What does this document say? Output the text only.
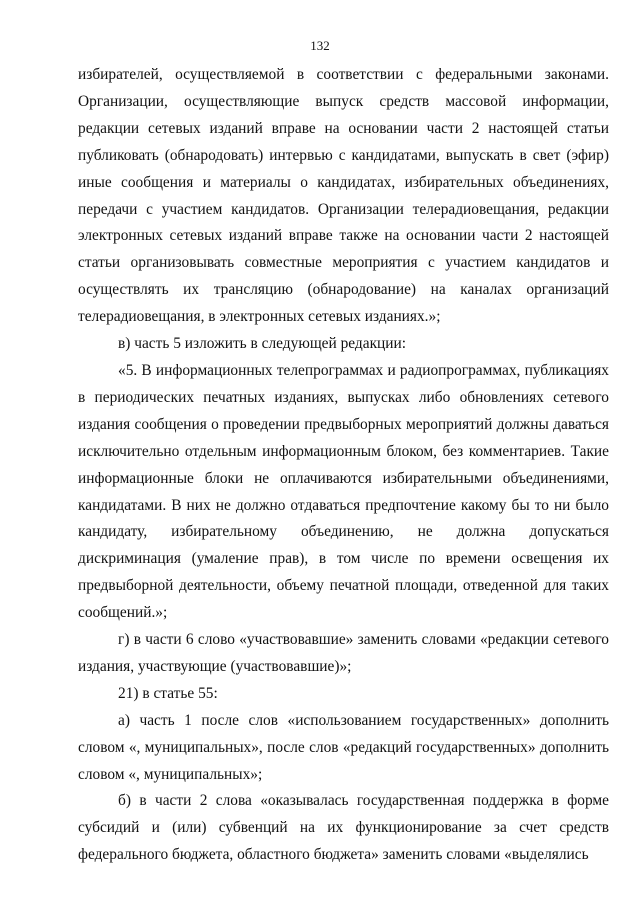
132

избирателей, осуществляемой в соответствии с федеральными законами. Организации, осуществляющие выпуск средств массовой информации, редакции сетевых изданий вправе на основании части 2 настоящей статьи публиковать (обнародовать) интервью с кандидатами, выпускать в свет (эфир) иные сообщения и материалы о кандидатах, избирательных объединениях, передачи с участием кандидатов. Организации телерадиовещания, редакции электронных сетевых изданий вправе также на основании части 2 настоящей статьи организовывать совместные мероприятия с участием кандидатов и осуществлять их трансляцию (обнародование) на каналах организаций телерадиовещания, в электронных сетевых изданиях.»;

в) часть 5 изложить в следующей редакции:

«5. В информационных телепрограммах и радиопрограммах, публикациях в периодических печатных изданиях, выпусках либо обновлениях сетевого издания сообщения о проведении предвыборных мероприятий должны даваться исключительно отдельным информационным блоком, без комментариев. Такие информационные блоки не оплачиваются избирательными объединениями, кандидатами. В них не должно отдаваться предпочтение какому бы то ни было кандидату, избирательному объединению, не должна допускаться дискриминация (умаление прав), в том числе по времени освещения их предвыборной деятельности, объему печатной площади, отведенной для таких сообщений.»;

г) в части 6 слово «участвовавшие» заменить словами «редакции сетевого издания, участвующие (участвовавшие)»;

21) в статье 55:

а) часть 1 после слов «использованием государственных» дополнить словом «, муниципальных», после слов «редакций государственных» дополнить словом «, муниципальных»;

б) в части 2 слова «оказывалась государственная поддержка в форме субсидий и (или) субвенций на их функционирование за счет средств федерального бюджета, областного бюджета» заменить словами «выделялись
